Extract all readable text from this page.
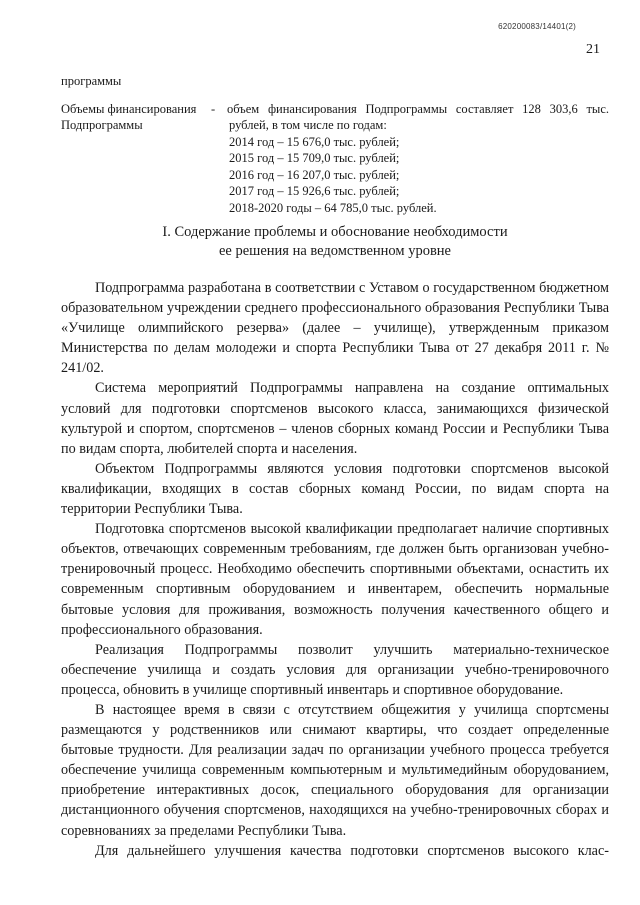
620200083/14401(2)
21
программы
Объемы финансирования
Подпрограммы
- объем финансирования Подпрограммы составляет 128 303,6 тыс.
рублей, в том числе по годам:
2014 год – 15 676,0 тыс. рублей;
2015 год – 15 709,0 тыс. рублей;
2016 год – 16 207,0 тыс. рублей;
2017 год – 15 926,6 тыс. рублей;
2018-2020 годы – 64 785,0 тыс. рублей.
I. Содержание проблемы и обоснование необходимости
ее решения на ведомственном уровне

Подпрограмма разработана в соответствии с Уставом о государственном бюджетном образовательном учреждении среднего профессионального образования Республики Тыва «Училище олимпийского резерва» (далее – училище), утвержденным приказом Министерства по делам молодежи и спорта Республики Тыва от 27 декабря 2011 г. № 241/02.

Система мероприятий Подпрограммы направлена на создание оптимальных условий для подготовки спортсменов высокого класса, занимающихся физической культурой и спортом, спортсменов – членов сборных команд России и Республики Тыва по видам спорта, любителей спорта и населения.

Объектом Подпрограммы являются условия подготовки спортсменов высокой квалификации, входящих в состав сборных команд России, по видам спорта на территории Республики Тыва.

Подготовка спортсменов высокой квалификации предполагает наличие спортивных объектов, отвечающих современным требованиям, где должен быть организован учебно-тренировочный процесс. Необходимо обеспечить спортивными объектами, оснастить их современным спортивным оборудованием и инвентарем, обеспечить нормальные бытовые условия для проживания, возможность получения качественного общего и профессионального образования.

Реализация Подпрограммы позволит улучшить материально-техническое обеспечение училища и создать условия для организации учебно-тренировочного процесса, обновить в училище спортивный инвентарь и спортивное оборудование.

В настоящее время в связи с отсутствием общежития у училища спортсмены размещаются у родственников или снимают квартиры, что создает определенные бытовые трудности. Для реализации задач по организации учебного процесса требуется обеспечение училища современным компьютерным и мультимедийным оборудованием, приобретение интерактивных досок, специального оборудования для организации дистанционного обучения спортсменов, находящихся на учебно-тренировочных сборах и соревнованиях за пределами Республики Тыва.

Для дальнейшего улучшения качества подготовки спортсменов высокого клас-
